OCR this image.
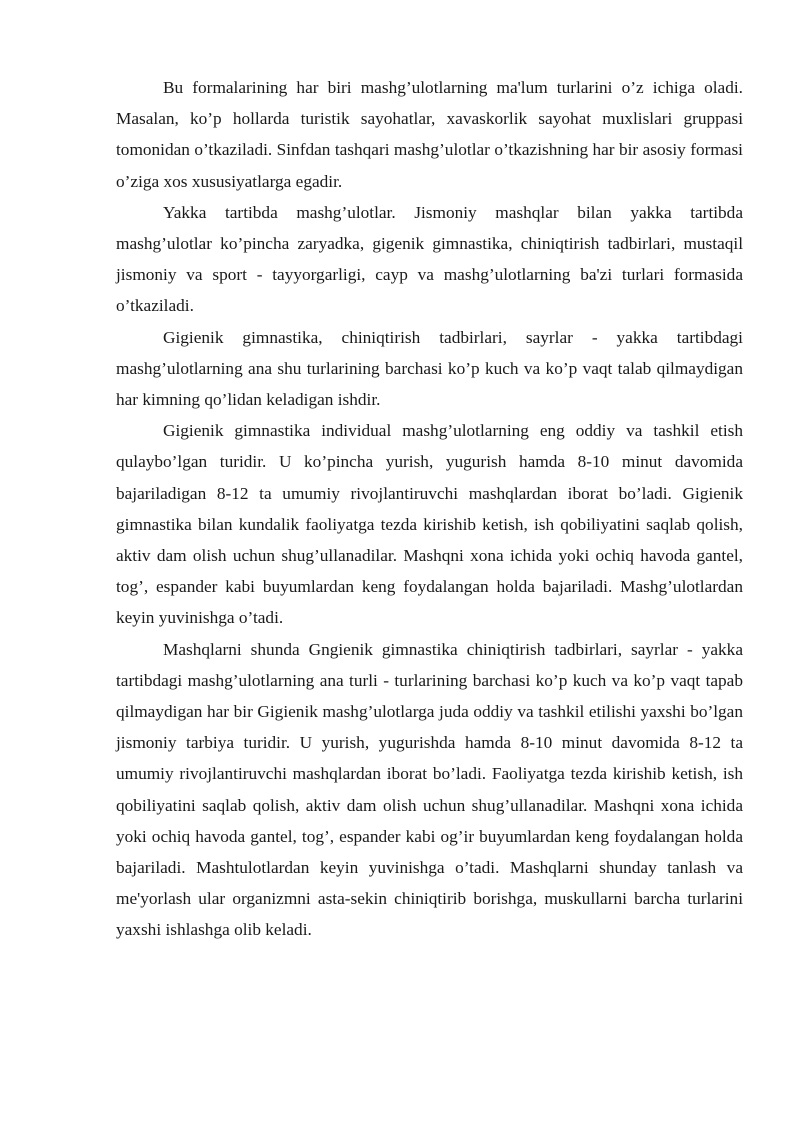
Bu formalarining har biri mashg’ulotlarning ma'lum turlarini o’z ichiga oladi. Masalan, ko’p hollarda turistik sayohatlar, xavaskorlik sayohat muxlislari gruppasi tomonidan o’tkaziladi. Sinfdan tashqari mashg’ulotlar o’tkazishning har bir asosiy formasi o’ziga xos xususiyatlarga egadir.

Yakka tartibda mashg’ulotlar. Jismoniy mashqlar bilan yakka tartibda mashg’ulotlar ko’pincha zaryadka, gigenik gimnastika, chiniqtirish tadbirlari, mustaqil jismoniy va sport - tayyorgarligi, cayp va mashg’ulotlarning ba'zi turlari formasida o’tkaziladi.

Gigienik gimnastika, chiniqtirish tadbirlari, sayrlar - yakka tartibdagi mashg’ulotlarning ana shu turlarining barchasi ko’p kuch va ko’p vaqt talab qilmaydigan har kimning qo’lidan keladigan ishdir.

Gigienik gimnastika individual mashg’ulotlarning eng oddiy va tashkil etish qulaybo’lgan turidir. U ko’pincha yurish, yugurish hamda 8-10 minut davomida bajariladigan 8-12 ta umumiy rivojlantiruvchi mashqlardan iborat bo’ladi. Gigienik gimnastika bilan kundalik faoliyatga tezda kirishib ketish, ish qobiliyatini saqlab qolish, aktiv dam olish uchun shug’ullanadilar. Mashqni xona ichida yoki ochiq havoda gantel, tog’, espander kabi buyumlardan keng foydalangan holda bajariladi. Mashg’ulotlardan keyin yuvinishga o’tadi.

Mashqlarni shunda Gngienik gimnastika chiniqtirish tadbirlari, sayrlar - yakka tartibdagi mashg’ulotlarning ana turli - turlarining barchasi ko’p kuch va ko’p vaqt tapab qilmaydigan har bir Gigienik mashg’ulotlarga juda oddiy va tashkil etilishi yaxshi bo’lgan jismoniy tarbiya turidir. U yurish, yugurishda hamda 8-10 minut davomida 8-12 ta umumiy rivojlantiruvchi mashqlardan iborat bo’ladi. Faoliyatga tezda kirishib ketish, ish qobiliyatini saqlab qolish, aktiv dam olish uchun shug’ullanadilar. Mashqni xona ichida yoki ochiq havoda gantel, tog’, espander kabi og’ir buyumlardan keng foydalangan holda bajariladi. Mashtulotlardan keyin yuvinishga o’tadi. Mashqlarni shunday tanlash va me'yorlash ular organizmni asta-sekin chiniqtirib borishga, muskullarni barcha turlarini yaxshi ishlashga olib keladi.
